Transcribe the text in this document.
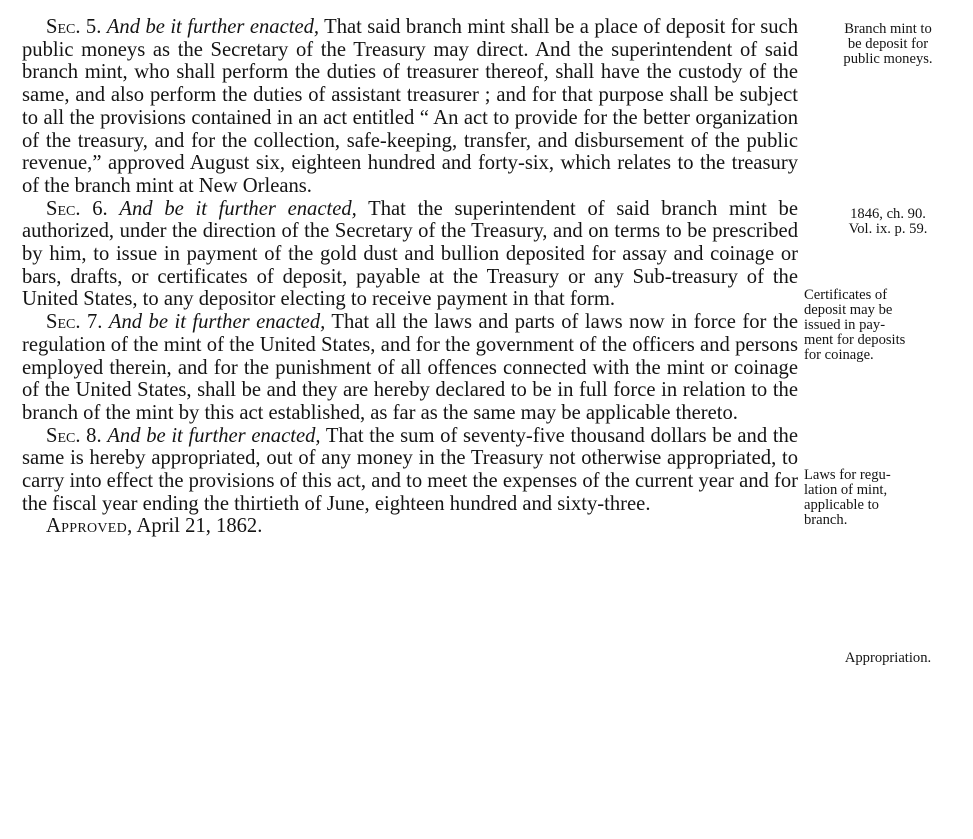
Sec. 5. And be it further enacted, That said branch mint shall be a place of deposit for such public moneys as the Secretary of the Treasury may direct. And the superintendent of said branch mint, who shall perform the duties of treasurer thereof, shall have the custody of the same, and also perform the duties of assistant treasurer ; and for that purpose shall be subject to all the provisions contained in an act entitled “ An act to provide for the better organization of the treasury, and for the collection, safe-keeping, transfer, and disbursement of the public revenue,” approved August six, eighteen hundred and forty-six, which relates to the treasury of the branch mint at New Orleans.

Sec. 6. And be it further enacted, That the superintendent of said branch mint be authorized, under the direction of the Secretary of the Treasury, and on terms to be prescribed by him, to issue in payment of the gold dust and bullion deposited for assay and coinage or bars, drafts, or certificates of deposit, payable at the Treasury or any Sub-treasury of the United States, to any depositor electing to receive payment in that form.

Sec. 7. And be it further enacted, That all the laws and parts of laws now in force for the regulation of the mint of the United States, and for the government of the officers and persons employed therein, and for the punishment of all offences connected with the mint or coinage of the United States, shall be and they are hereby declared to be in full force in relation to the branch of the mint by this act established, as far as the same may be applicable thereto.

Sec. 8. And be it further enacted, That the sum of seventy-five thousand dollars be and the same is hereby appropriated, out of any money in the Treasury not otherwise appropriated, to carry into effect the provisions of this act, and to meet the expenses of the current year and for the fiscal year ending the thirtieth of June, eighteen hundred and sixty-three.

Approved, April 21, 1862.

Branch mint to
be deposit for
public moneys.
1846, ch. 90.
Vol. ix. p. 59.
Certificates of
deposit may be
issued in pay-
ment for deposits
for coinage.
Laws for regu-
lation of mint,
applicable to
branch.
Appropriation.
